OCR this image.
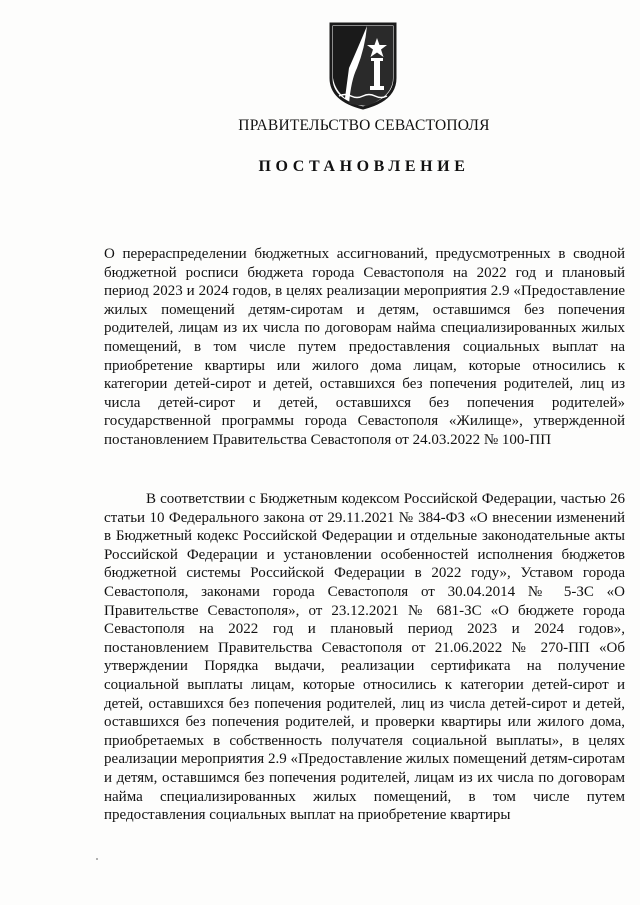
ПРАВИТЕЛЬСТВО СЕВАСТОПОЛЯ
ПОСТАНОВЛЕНИЕ
О перераспределении бюджетных ассигнований, предусмотренных в сводной бюджетной росписи бюджета города Севастополя на 2022 год и плановый период 2023 и 2024 годов, в целях реализации мероприятия 2.9 «Предоставление жилых помещений детям-сиротам и детям, оставшимся без попечения родителей, лицам из их числа по договорам найма специализированных жилых помещений, в том числе путем предоставления социальных выплат на приобретение квартиры или жилого дома лицам, которые относились к категории детей-сирот и детей, оставшихся без попечения родителей, лиц из числа детей-сирот и детей, оставшихся без попечения родителей» государственной программы города Севастополя «Жилище», утвержденной постановлением Правительства Севастополя от 24.03.2022 № 100-ПП
В соответствии с Бюджетным кодексом Российской Федерации, частью 26 статьи 10 Федерального закона от 29.11.2021 № 384-ФЗ «О внесении изменений в Бюджетный кодекс Российской Федерации и отдельные законодательные акты Российской Федерации и установлении особенностей исполнения бюджетов бюджетной системы Российской Федерации в 2022 году», Уставом города Севастополя, законами города Севастополя от 30.04.2014 № 5-ЗС «О Правительстве Севастополя», от 23.12.2021 № 681-ЗС «О бюджете города Севастополя на 2022 год и плановый период 2023 и 2024 годов», постановлением Правительства Севастополя от 21.06.2022 № 270-ПП «Об утверждении Порядка выдачи, реализации сертификата на получение социальной выплаты лицам, которые относились к категории детей-сирот и детей, оставшихся без попечения родителей, лиц из числа детей-сирот и детей, оставшихся без попечения родителей, и проверки квартиры или жилого дома, приобретаемых в собственность получателя социальной выплаты», в целях реализации мероприятия 2.9 «Предоставление жилых помещений детям-сиротам и детям, оставшимся без попечения родителей, лицам из их числа по договорам найма специализированных жилых помещений, в том числе путем предоставления социальных выплат на приобретение квартиры
